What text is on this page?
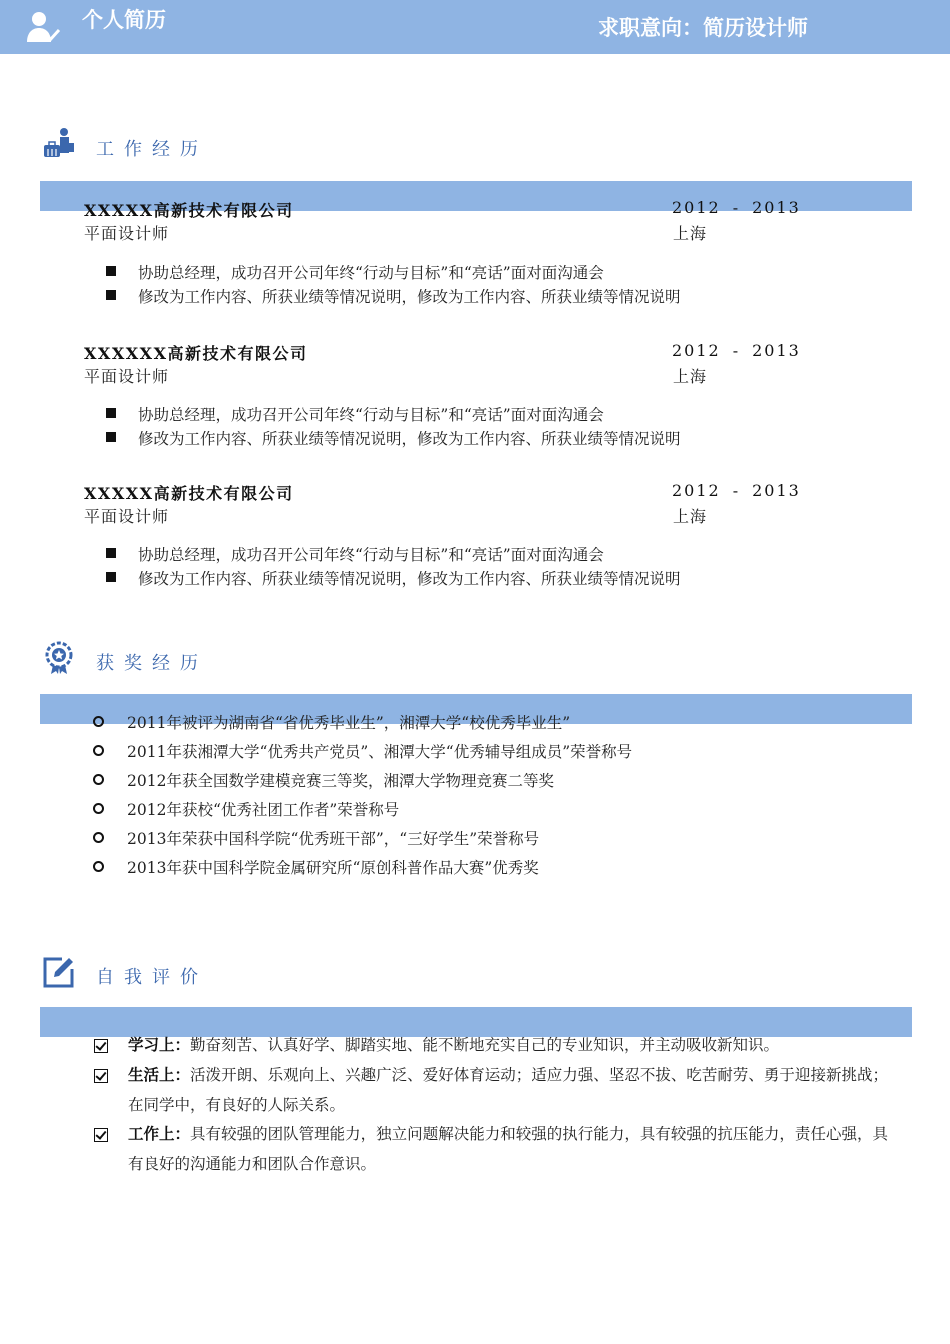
个人简历	求职意向：简历设计师
工作经历
XXXXX高新技术有限公司	2012 - 2013
平面设计师	上海
协助总经理，成功召开公司年终“行动与目标”和“亮话”面对面沟通会
修改为工作内容、所获业绩等情况说明，修改为工作内容、所获业绩等情况说明
XXXXXX高新技术有限公司	2012 - 2013
平面设计师	上海
协助总经理，成功召开公司年终“行动与目标”和“亮话”面对面沟通会
修改为工作内容、所获业绩等情况说明，修改为工作内容、所获业绩等情况说明
XXXXX高新技术有限公司	2012 - 2013
平面设计师	上海
协助总经理，成功召开公司年终“行动与目标”和“亮话”面对面沟通会
修改为工作内容、所获业绩等情况说明，修改为工作内容、所获业绩等情况说明
获奖经历
2011年被评为湖南省“省优秀毕业生”，湘潭大学“校优秀毕业生”
2011年获湘潭大学“优秀共产党员”、湘潭大学“优秀辅导组成员”荣誉称号
2012年获全国数学建模竞赛三等奖，湘潭大学物理竞赛二等奖
2012年获校“优秀社团工作者”荣誉称号
2013年荣获中国科学院“优秀班干部”，“三好学生”荣誉称号
2013年获中国科学院金属研究所“原创科普作品大赛”优秀奖
自我评价
学习上：勤奋刻苦、认真好学、脚踏实地、能不断地充实自己的专业知识，并主动吸收新知识。
生活上：活泼开朗、乐观向上、兴趣广泛、爱好体育运动；适应力强、坚忍不拔、吃苦耐劳、勇于迎接新挑战；在同学中，有良好的人际关系。
工作上：具有较强的团队管理能力，独立问题解决能力和较强的执行能力，具有较强的抗压能力，责任心强，具有良好的沟通能力和团队合作意识。
